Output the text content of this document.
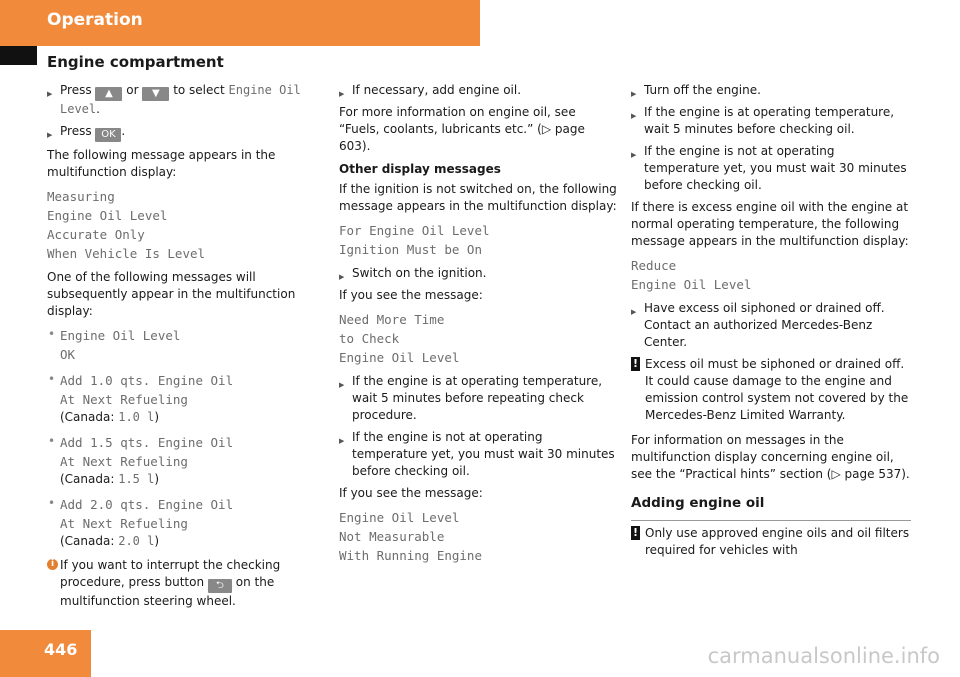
Operation
Engine compartment
▶ Press ▲ or ▼ to select Engine Oil Level.
▶ Press OK .
The following message appears in the multifunction display:
Measuring
Engine Oil Level
Accurate Only
When Vehicle Is Level
One of the following messages will subsequently appear in the multifunction display:
• Engine Oil Level
OK
• Add 1.0 qts. Engine Oil
At Next Refueling
(Canada: 1.0 l)
• Add 1.5 qts. Engine Oil
At Next Refueling
(Canada: 1.5 l)
• Add 2.0 qts. Engine Oil
At Next Refueling
(Canada: 2.0 l)
i If you want to interrupt the checking procedure, press button ⮌ on the multifunction steering wheel.
▶ If necessary, add engine oil.
For more information on engine oil, see “Fuels, coolants, lubricants etc.” (▷ page 603).
Other display messages
If the ignition is not switched on, the following message appears in the multifunction display:
For Engine Oil Level
Ignition Must be On
▶ Switch on the ignition.
If you see the message:
Need More Time
to Check
Engine Oil Level
▶ If the engine is at operating temperature, wait 5 minutes before repeating check procedure.
▶ If the engine is not at operating temperature yet, you must wait 30 minutes before checking oil.
If you see the message:
Engine Oil Level
Not Measurable
With Running Engine
▶ Turn off the engine.
▶ If the engine is at operating temperature, wait 5 minutes before checking oil.
▶ If the engine is not at operating temperature yet, you must wait 30 minutes before checking oil.
If there is excess engine oil with the engine at normal operating temperature, the following message appears in the multifunction display:
Reduce
Engine Oil Level
▶ Have excess oil siphoned or drained off. Contact an authorized Mercedes-Benz Center.
! Excess oil must be siphoned or drained off. It could cause damage to the engine and emission control system not covered by the Mercedes-Benz Limited Warranty.
For information on messages in the multifunction display concerning engine oil, see the “Practical hints” section (▷ page 537).
Adding engine oil
! Only use approved engine oils and oil filters required for vehicles with
446	carmanualsonline.info
